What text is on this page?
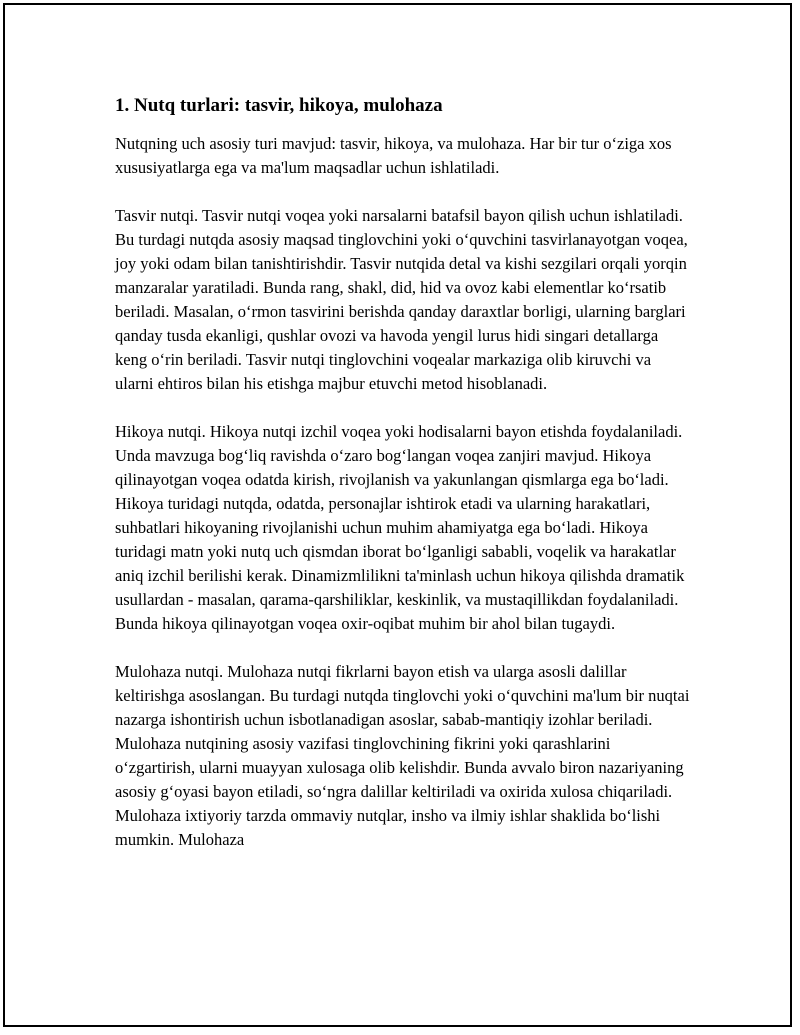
1. Nutq turlari: tasvir, hikoya, mulohaza

Nutqning uch asosiy turi mavjud: tasvir, hikoya, va mulohaza. Har bir tur o‘ziga xos xususiyatlarga ega va ma'lum maqsadlar uchun ishlatiladi.

Tasvir nutqi. Tasvir nutqi voqea yoki narsalarni batafsil bayon qilish uchun ishlatiladi. Bu turdagi nutqda asosiy maqsad tinglovchini yoki o‘quvchini tasvirlanayotgan voqea, joy yoki odam bilan tanishtirishdir. Tasvir nutqida detal va kishi sezgilari orqali yorqin manzaralar yaratiladi. Bunda rang, shakl, did, hid va ovoz kabi elementlar ko‘rsatib beriladi. Masalan, o‘rmon tasvirini berishda qanday daraxtlar borligi, ularning barglari qanday tusda ekanligi, qushlar ovozi va havoda yengil lurus hidi singari detallarga keng o‘rin beriladi. Tasvir nutqi tinglovchini voqealar markaziga olib kiruvchi va ularni ehtiros bilan his etishga majbur etuvchi metod hisoblanadi.

Hikoya nutqi. Hikoya nutqi izchil voqea yoki hodisalarni bayon etishda foydalaniladi. Unda mavzuga bog‘liq ravishda o‘zaro bog‘langan voqea zanjiri mavjud. Hikoya qilinayotgan voqea odatda kirish, rivojlanish va yakunlangan qismlarga ega bo‘ladi. Hikoya turidagi nutqda, odatda, personajlar ishtirok etadi va ularning harakatlari, suhbatlari hikoyaning rivojlanishi uchun muhim ahamiyatga ega bo‘ladi. Hikoya turidagi matn yoki nutq uch qismdan iborat bo‘lganligi sababli, voqelik va harakatlar aniq izchil berilishi kerak. Dinamizmlilikni ta'minlash uchun hikoya qilishda dramatik usullardan - masalan, qarama-qarshiliklar, keskinlik, va mustaqillikdan foydalaniladi. Bunda hikoya qilinayotgan voqea oxir-oqibat muhim bir ahol bilan tugaydi.

Mulohaza nutqi. Mulohaza nutqi fikrlarni bayon etish va ularga asosli dalillar keltirishga asoslangan. Bu turdagi nutqda tinglovchi yoki o‘quvchini ma'lum bir nuqtai nazarga ishontirish uchun isbotlanadigan asoslar, sabab-mantiqiy izohlar beriladi. Mulohaza nutqining asosiy vazifasi tinglovchining fikrini yoki qarashlarini o‘zgartirish, ularni muayyan xulosaga olib kelishdir. Bunda avvalo biron nazariyaning asosiy g‘oyasi bayon etiladi, so‘ngra dalillar keltiriladi va oxirida xulosa chiqariladi. Mulohaza ixtiyoriy tarzda ommaviy nutqlar, insho va ilmiy ishlar shaklida bo‘lishi mumkin. Mulohaza
